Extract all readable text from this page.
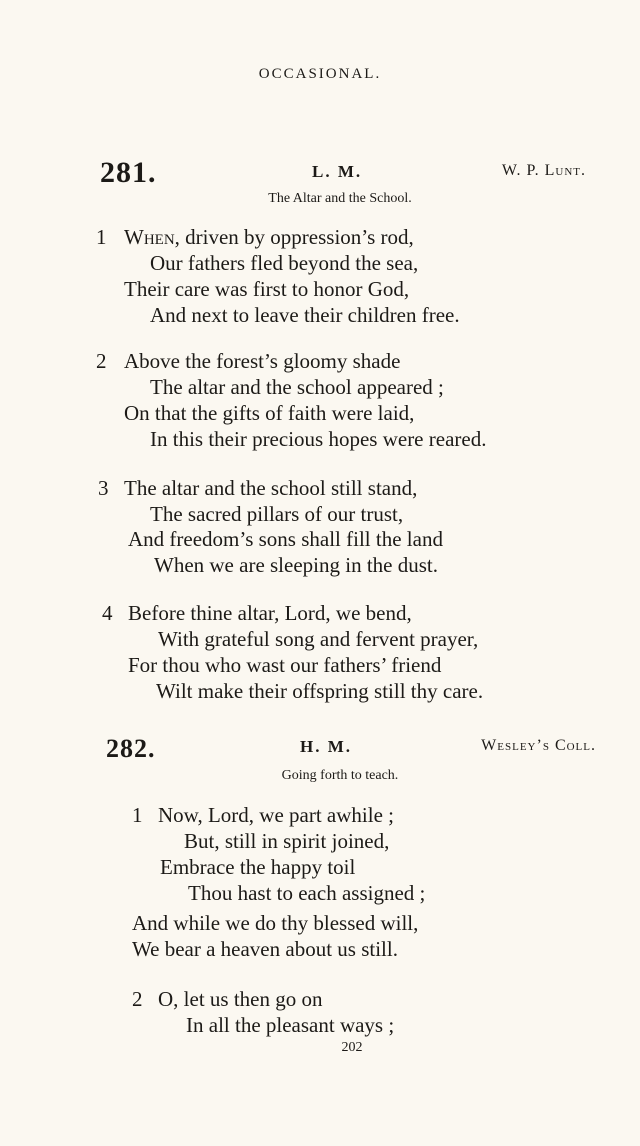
OCCASIONAL.
281.	L. M.	W. P. Lunt.
The Altar and the School.
1 When, driven by oppression’s rod,
Our fathers fled beyond the sea,
Their care was first to honor God,
And next to leave their children free.
2 Above the forest’s gloomy shade
The altar and the school appeared ;
On that the gifts of faith were laid,
In this their precious hopes were reared.
3 The altar and the school still stand,
The sacred pillars of our trust,
And freedom’s sons shall fill the land
When we are sleeping in the dust.
4 Before thine altar, Lord, we bend,
With grateful song and fervent prayer,
For thou who wast our fathers’ friend
Wilt make their offspring still thy care.
282.	H. M.	Wesley’s Coll.
Going forth to teach.
1 Now, Lord, we part awhile ;
But, still in spirit joined,
Embrace the happy toil
Thou hast to each assigned ;
And while we do thy blessed will,
We bear a heaven about us still.
2 O, let us then go on
In all the pleasant ways ;
202
